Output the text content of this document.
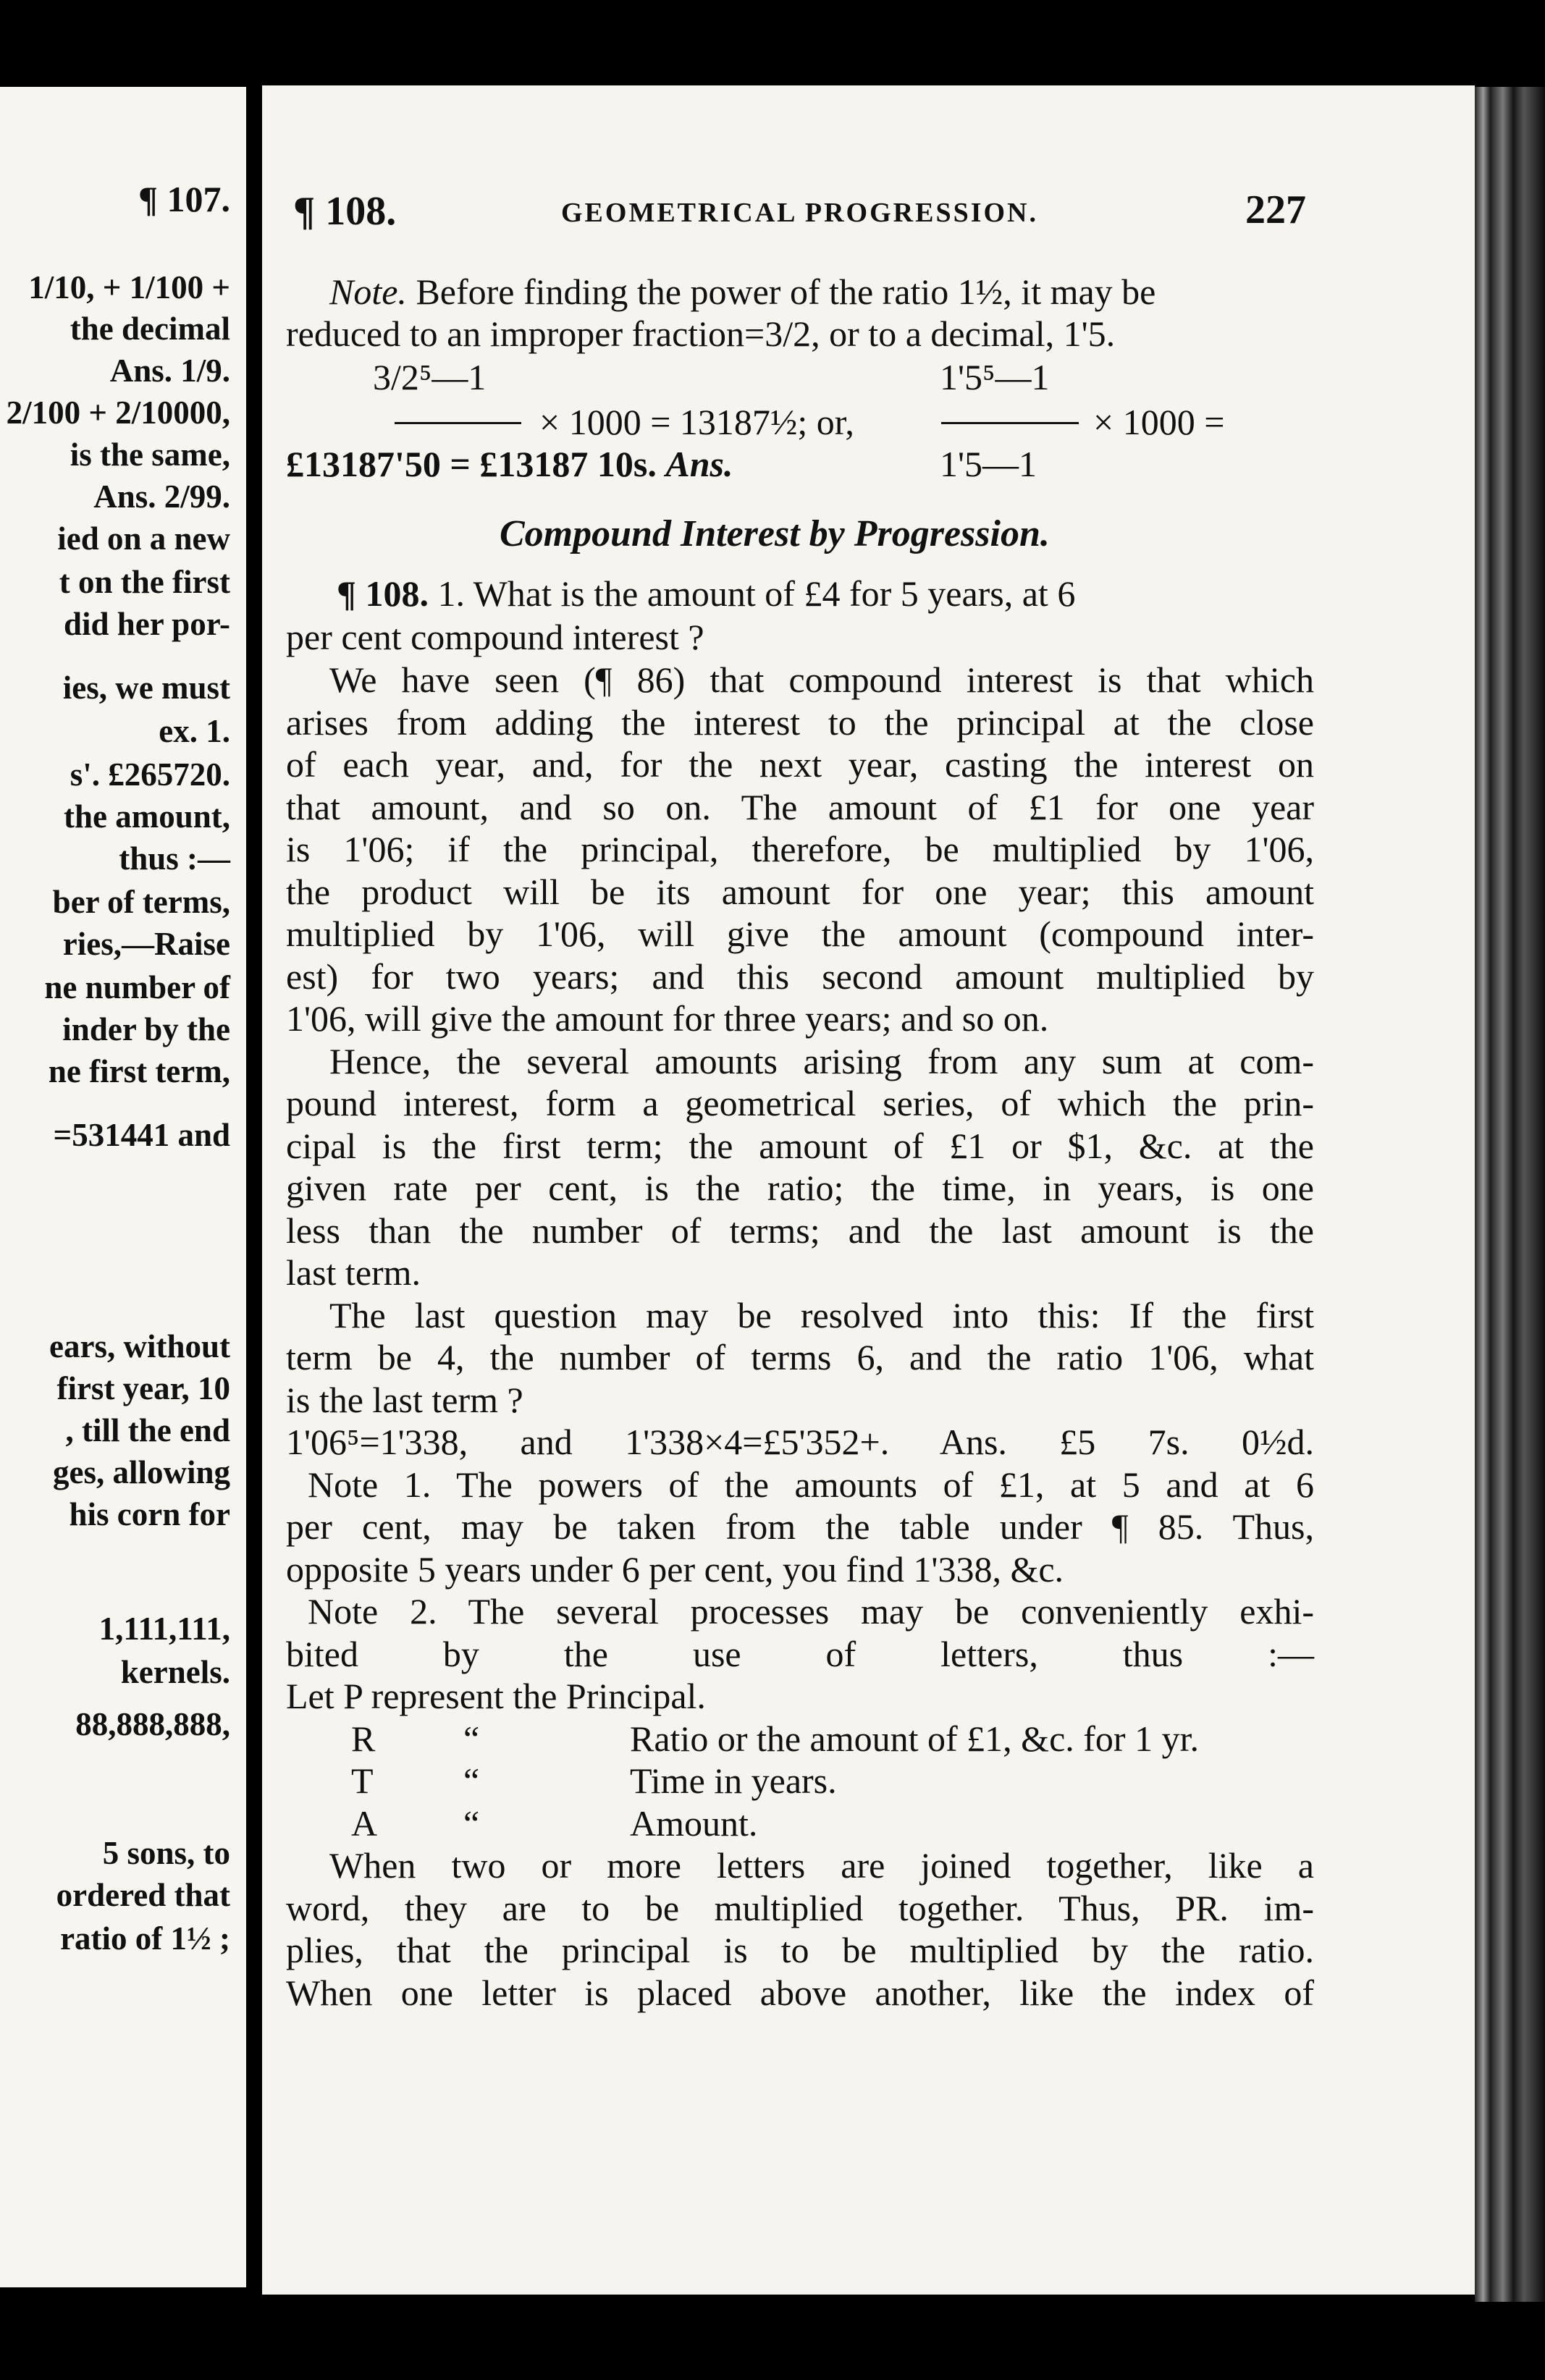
¶ 107.
1/10, + 1/100 +
the decimal
Ans. 1/9.
2/100 + 2/10000,
is the same,
Ans. 2/99.
ied on a new
t on the first
did her por-
ies, we must
ex. 1.
s'. £265720.
the amount,
thus :—
ber of terms,
ries,—Raise
ne number of
inder by the
ne first term,
=531441 and
ears, without
first year, 10
, till the end
ges, allowing
his corn for
1,111,111,
kernels.
88,888,888,
5 sons, to
ordered that
ratio of 1½ ;
¶ 108.	GEOMETRICAL PROGRESSION.	227
Note. Before finding the power of the ratio 1½, it may be
reduced to an improper fraction=3/2, or to a decimal, 1'5.
3/2⁵—1	1'5⁵—1
× 1000 = 13187½; or,	× 1000 =
£13187'50 = £13187 10s. Ans.	1'5—1
Compound Interest by Progression.
¶ 108. 1. What is the amount of £4 for 5 years, at 6
per cent compound interest ?
We have seen (¶ 86) that compound interest is that which
arises from adding the interest to the principal at the close
of each year, and, for the next year, casting the interest on
that amount, and so on. The amount of £1 for one year
is 1'06; if the principal, therefore, be multiplied by 1'06,
the product will be its amount for one year; this amount
multiplied by 1'06, will give the amount (compound inter-
est) for two years; and this second amount multiplied by
1'06, will give the amount for three years; and so on.
Hence, the several amounts arising from any sum at com-
pound interest, form a geometrical series, of which the prin-
cipal is the first term; the amount of £1 or $1, &c. at the
given rate per cent, is the ratio; the time, in years, is one
less than the number of terms; and the last amount is the
last term.
The last question may be resolved into this: If the first
term be 4, the number of terms 6, and the ratio 1'06, what
is the last term ?
1'06⁵=1'338, and 1'338×4=£5'352+. Ans. £5 7s. 0½d.
Note 1. The powers of the amounts of £1, at 5 and at 6
per cent, may be taken from the table under ¶ 85. Thus,
opposite 5 years under 6 per cent, you find 1'338, &c.
Note 2. The several processes may be conveniently exhi-
bited by the use of letters, thus :—
Let P represent the Principal.
R “	Ratio or the amount of £1, &c. for 1 yr.
T “	Time in years.
A “	Amount.
When two or more letters are joined together, like a
word, they are to be multiplied together. Thus, PR. im-
plies, that the principal is to be multiplied by the ratio.
When one letter is placed above another, like the index of
